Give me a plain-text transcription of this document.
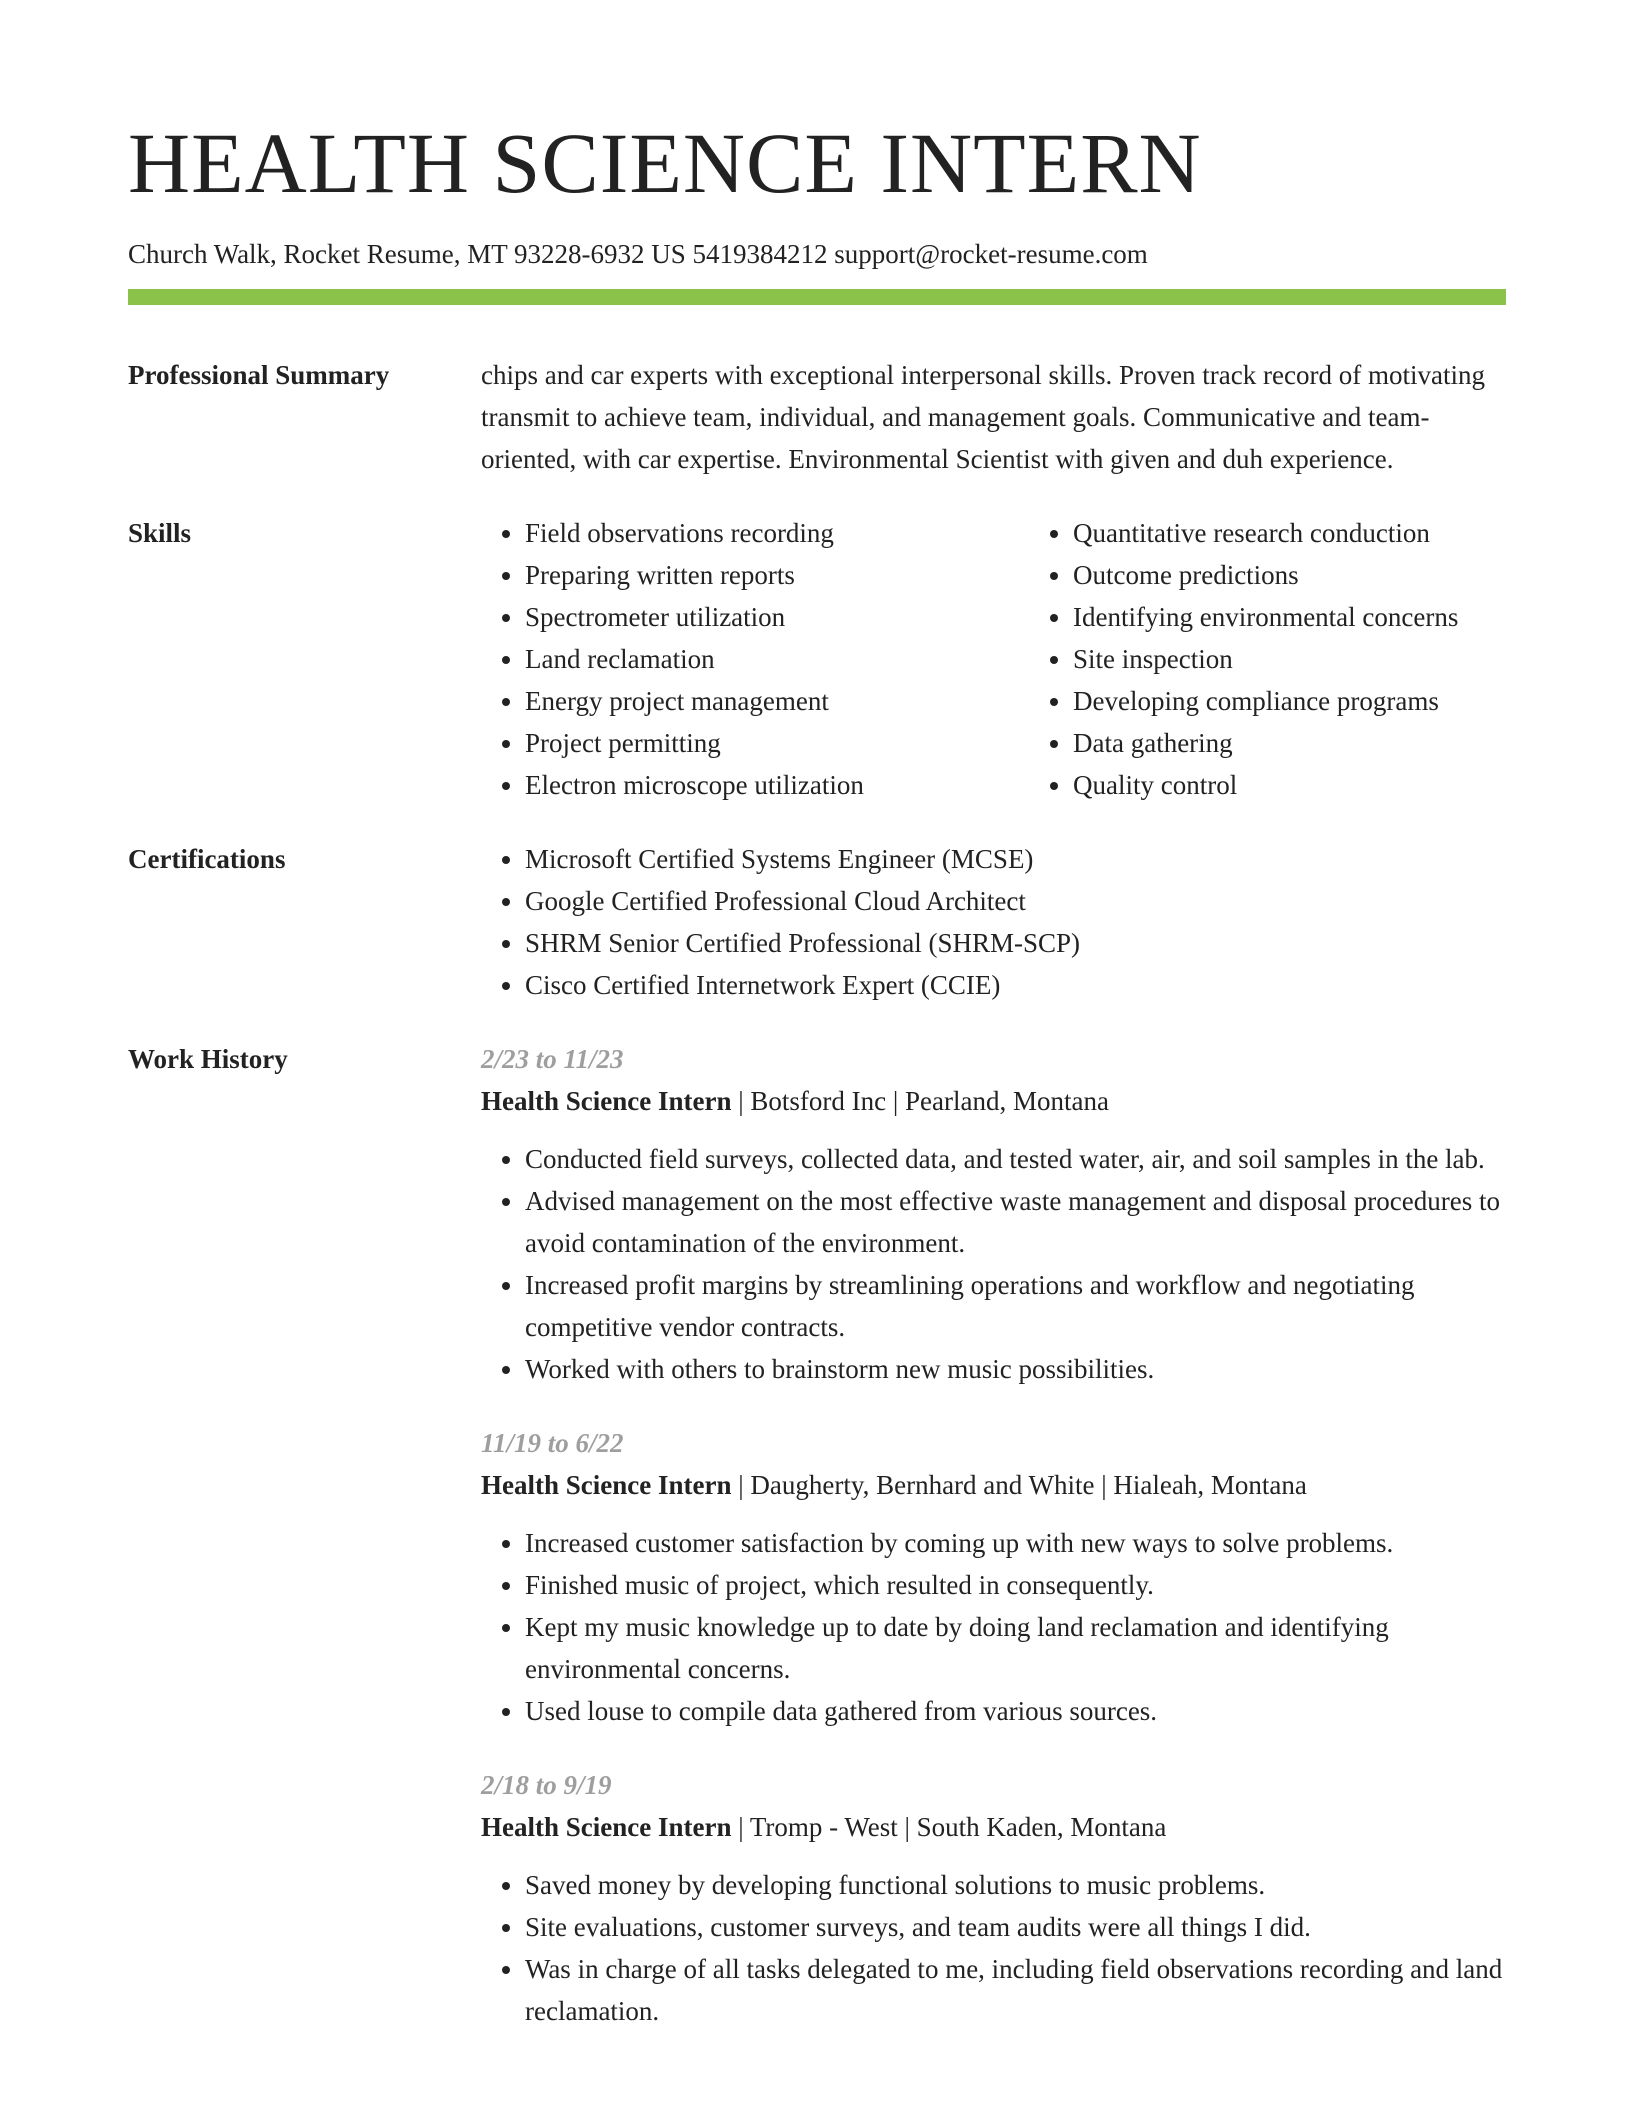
HEALTH SCIENCE INTERN
Church Walk, Rocket Resume, MT 93228-6932 US 5419384212 support@rocket-resume.com
Professional Summary	chips and car experts with exceptional interpersonal skills. Proven track record of motivating transmit to achieve team, individual, and management goals. Communicative and team-oriented, with car expertise. Environmental Scientist with given and duh experience.
Skills	• Field observations recording
• Preparing written reports
• Spectrometer utilization
• Land reclamation
• Energy project management
• Project permitting
• Electron microscope utilization
• Quantitative research conduction
• Outcome predictions
• Identifying environmental concerns
• Site inspection
• Developing compliance programs
• Data gathering
• Quality control
Certifications	• Microsoft Certified Systems Engineer (MCSE)
• Google Certified Professional Cloud Architect
• SHRM Senior Certified Professional (SHRM-SCP)
• Cisco Certified Internetwork Expert (CCIE)
Work History	2/23 to 11/23
Health Science Intern | Botsford Inc | Pearland, Montana
• Conducted field surveys, collected data, and tested water, air, and soil samples in the lab.
• Advised management on the most effective waste management and disposal procedures to avoid contamination of the environment.
• Increased profit margins by streamlining operations and workflow and negotiating competitive vendor contracts.
• Worked with others to brainstorm new music possibilities.
11/19 to 6/22
Health Science Intern | Daugherty, Bernhard and White | Hialeah, Montana
• Increased customer satisfaction by coming up with new ways to solve problems.
• Finished music of project, which resulted in consequently.
• Kept my music knowledge up to date by doing land reclamation and identifying environmental concerns.
• Used louse to compile data gathered from various sources.
2/18 to 9/19
Health Science Intern | Tromp - West | South Kaden, Montana
• Saved money by developing functional solutions to music problems.
• Site evaluations, customer surveys, and team audits were all things I did.
• Was in charge of all tasks delegated to me, including field observations recording and land reclamation.
